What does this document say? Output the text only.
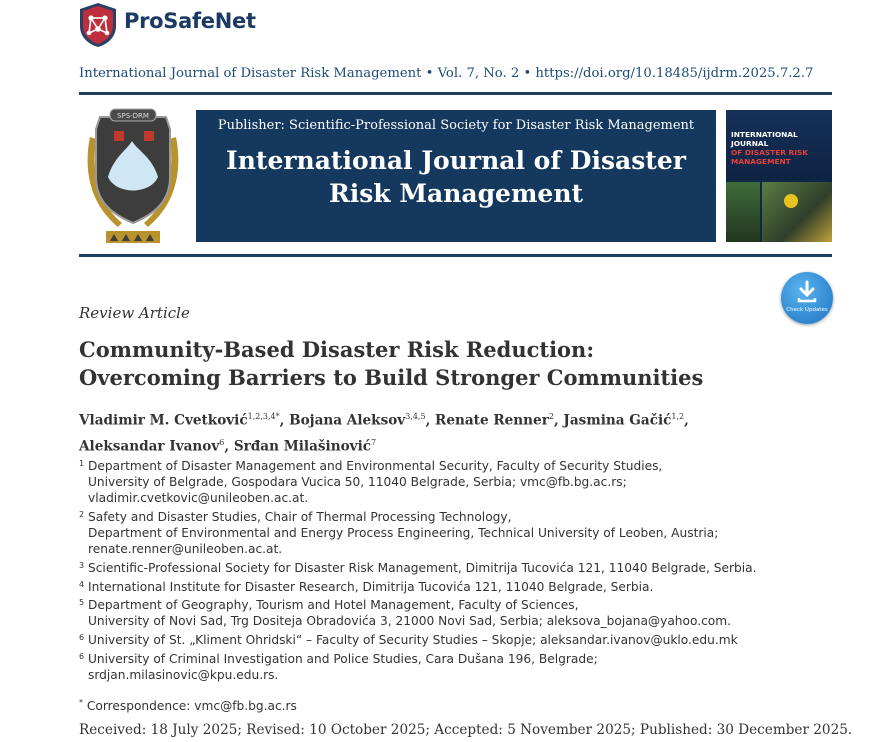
ProSafeNet
International Journal of Disaster Risk Management • Vol. 7, No. 2 • https://doi.org/10.18485/ijdrm.2025.7.2.7
SPS-DRM
Publisher: Scientific-Professional Society for Disaster Risk Management
International Journal of Disaster
Risk Management
INTERNATIONAL JOURNAL
OF DISASTER RISK
MANAGEMENT
Check Updates
Review Article
Community-Based Disaster Risk Reduction:
Overcoming Barriers to Build Stronger Communities
Vladimir M. Cvetković$^{1,2,3,4*}$, Bojana Aleksov$^{3,4,5}$, Renate Renner$^2$, Jasmina Gačić$^{1,2}$,
Aleksandar Ivanov$^6$, Srđan Milašinović$^7$
1 Department of Disaster Management and Environmental Security, Faculty of Security Studies,
University of Belgrade, Gospodara Vucica 50, 11040 Belgrade, Serbia; vmc@fb.bg.ac.rs;
vladimir.cvetkovic@unileoben.ac.at.
2 Safety and Disaster Studies, Chair of Thermal Processing Technology,
Department of Environmental and Energy Process Engineering, Technical University of Leoben, Austria;
renate.renner@unileoben.ac.at.
3 Scientific-Professional Society for Disaster Risk Management, Dimitrija Tucovića 121, 11040 Belgrade, Serbia.
4 International Institute for Disaster Research, Dimitrija Tucovića 121, 11040 Belgrade, Serbia.
5 Department of Geography, Tourism and Hotel Management, Faculty of Sciences,
University of Novi Sad, Trg Dositeja Obradovića 3, 21000 Novi Sad, Serbia; aleksova_bojana@yahoo.com.
6 University of St. „Kliment Ohridski“ – Faculty of Security Studies – Skopje; aleksandar.ivanov@uklo.edu.mk
6 University of Criminal Investigation and Police Studies, Cara Dušana 196, Belgrade;
srdjan.milasinovic@kpu.edu.rs.
* Correspondence: vmc@fb.bg.ac.rs
Received: 18 July 2025; Revised: 10 October 2025; Accepted: 5 November 2025; Published: 30 December 2025.
